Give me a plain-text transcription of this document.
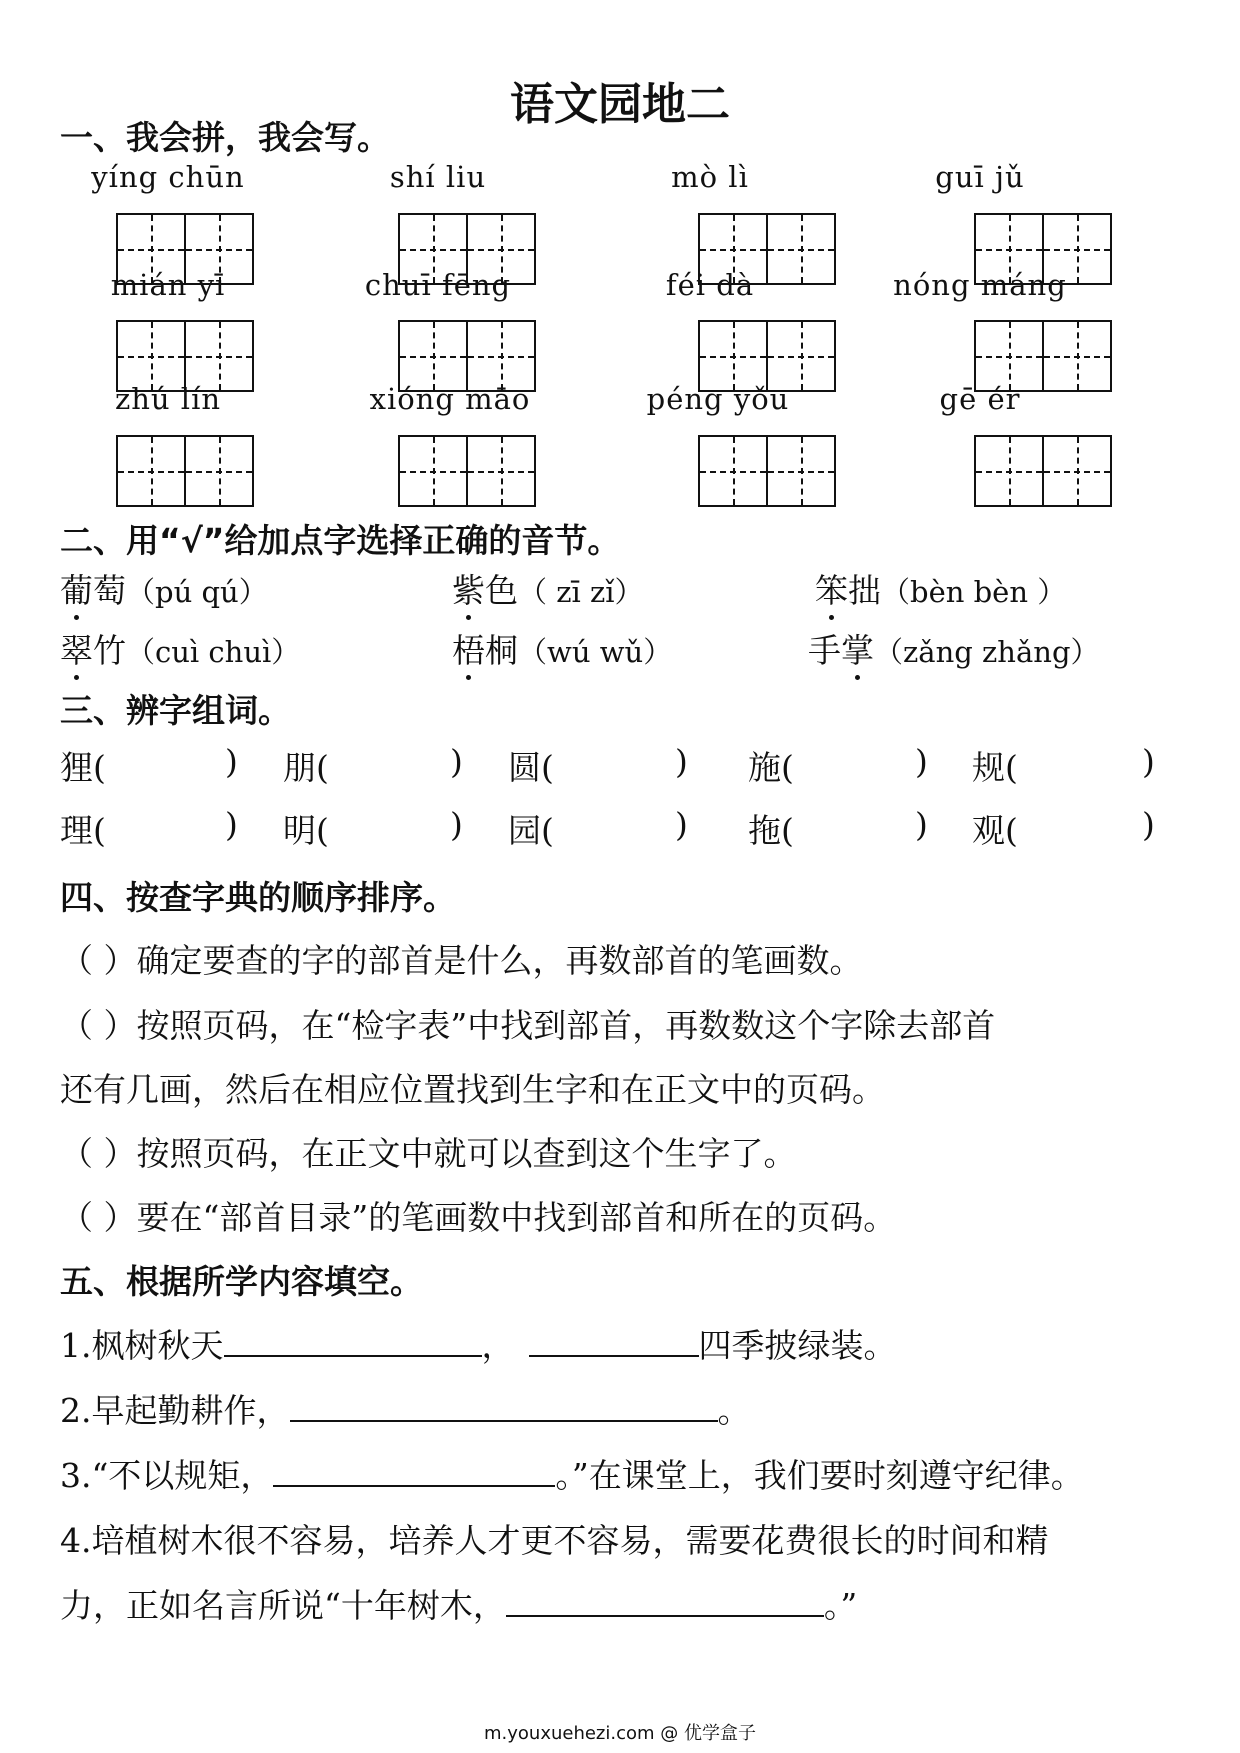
语文园地二
一、我会拼，我会写。
yíng chūn	shí liu	mò lì	guī jǔ
mián yī	chuī fēng	féi dà	nóng máng
zhú lín	xióng māo	péng yǒu	gē ér
二、用“√”给加点字选择正确的音节。
葡萄（pú qú）	紫色（ zī zǐ）	笨拙（bèn bèn ）
翠竹（cuì chuì）	梧桐（wú wǔ）	手掌（zǎng zhǎng）
三、辨字组词。
狸(	) 朋(	) 圆(	) 施(	) 规(	)
理(	) 明(	) 园(	) 拖(	) 观(	)
四、按查字典的顺序排序。
（ ）确定要查的字的部首是什么，再数部首的笔画数。
（ ）按照页码，在“检字表”中找到部首，再数数这个字除去部首
还有几画，然后在相应位置找到生字和在正文中的页码。
（ ）按照页码，在正文中就可以查到这个生字了。
（ ）要在“部首目录”的笔画数中找到部首和所在的页码。
五、根据所学内容填空。
1.枫树秋天	，	四季披绿装。
2.早起勤耕作，	。
3.“不以规矩，	。”在课堂上，我们要时刻遵守纪律。
4.培植树木很不容易，培养人才更不容易，需要花费很长的时间和精
力，正如名言所说“十年树木，	。”
m.youxuehezi.com @ 优学盒子
